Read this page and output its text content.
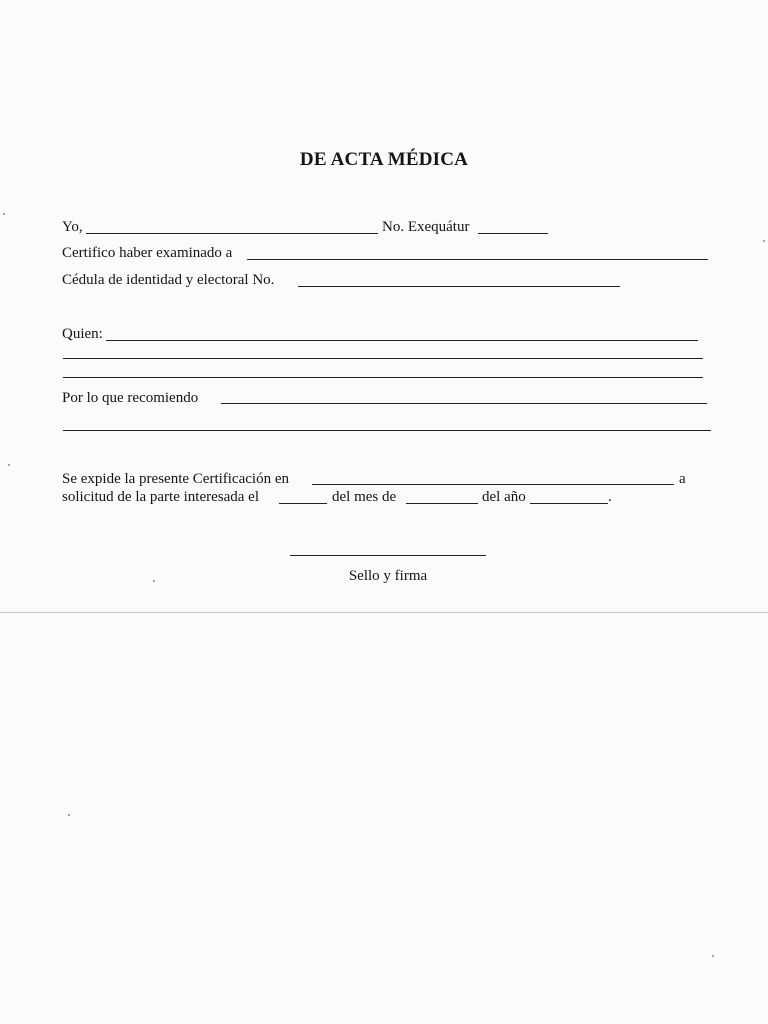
DE ACTA MÉDICA
Yo,	No. Exequátur
Certifico haber examinado a
Cédula de identidad y electoral No.
Quien:
Por lo que recomiendo
Se expide la presente Certificación en	a
solicitud de la parte interesada el	del mes de	del año	.
Sello y firma
